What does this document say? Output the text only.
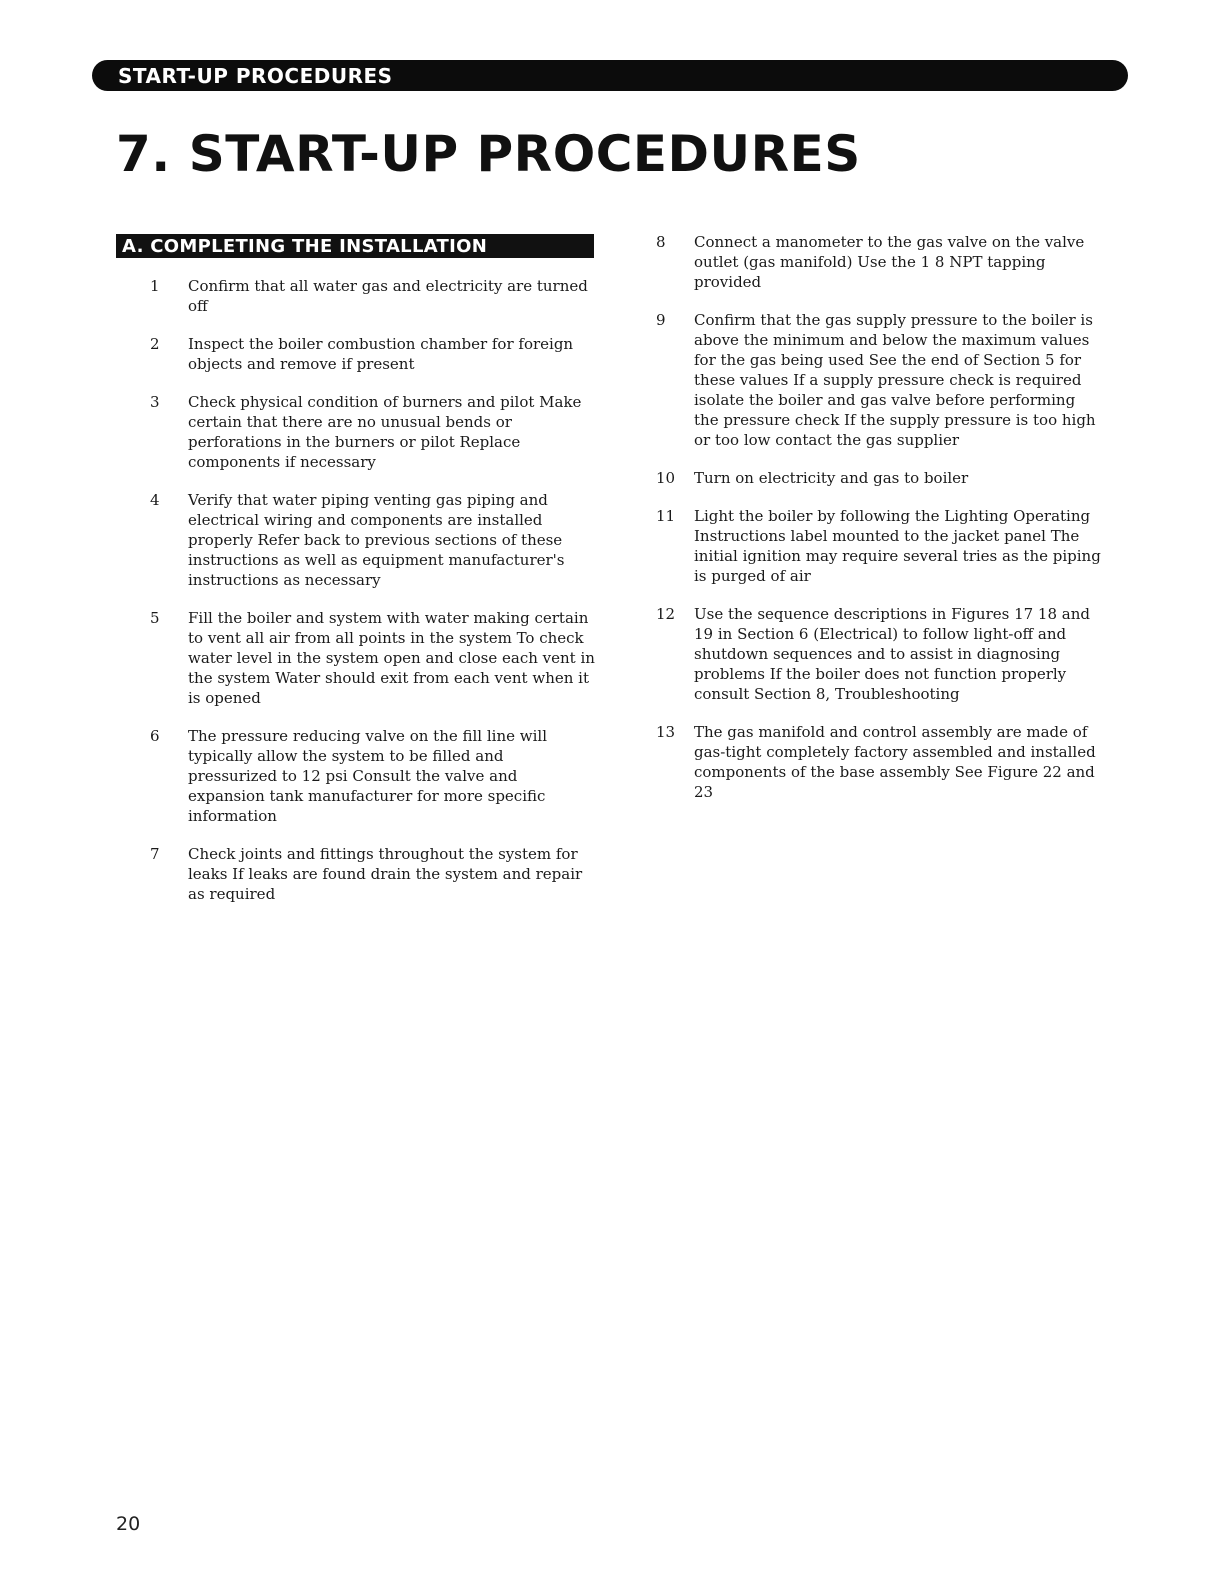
START-UP PROCEDURES
7. START-UP PROCEDURES
A. COMPLETING THE INSTALLATION
1	Confirm that all water gas and electricity are turned off
2	Inspect the boiler combustion chamber for foreign objects and remove if present
3	Check physical condition of burners and pilot Make certain that there are no unusual bends or perforations in the burners or pilot Replace components if necessary
4	Verify that water piping venting gas piping and electrical wiring and components are installed properly Refer back to previous sections of these instructions as well as equipment manufacturer's instructions as necessary
5	Fill the boiler and system with water making certain to vent all air from all points in the system To check water level in the system open and close each vent in the system Water should exit from each vent when it is opened
6	The pressure reducing valve on the fill line will typically allow the system to be filled and pressurized to 12 psi Consult the valve and expansion tank manufacturer for more specific information
7	Check joints and fittings throughout the system for leaks If leaks are found drain the system and repair as required
8	Connect a manometer to the gas valve on the valve outlet (gas manifold) Use the 1 8 NPT tapping provided
9	Confirm that the gas supply pressure to the boiler is above the minimum and below the maximum values for the gas being used See the end of Section 5 for these values If a supply pressure check is required isolate the boiler and gas valve before performing the pressure check If the supply pressure is too high or too low contact the gas supplier
10	Turn on electricity and gas to boiler
11	Light the boiler by following the Lighting Operating Instructions label mounted to the jacket panel The initial ignition may require several tries as the piping is purged of air
12	Use the sequence descriptions in Figures 17 18 and 19 in Section 6 (Electrical) to follow light-off and shutdown sequences and to assist in diagnosing problems If the boiler does not function properly consult Section 8, Troubleshooting
13	The gas manifold and control assembly are made of gas-tight completely factory assembled and installed components of the base assembly See Figure 22 and 23
20
